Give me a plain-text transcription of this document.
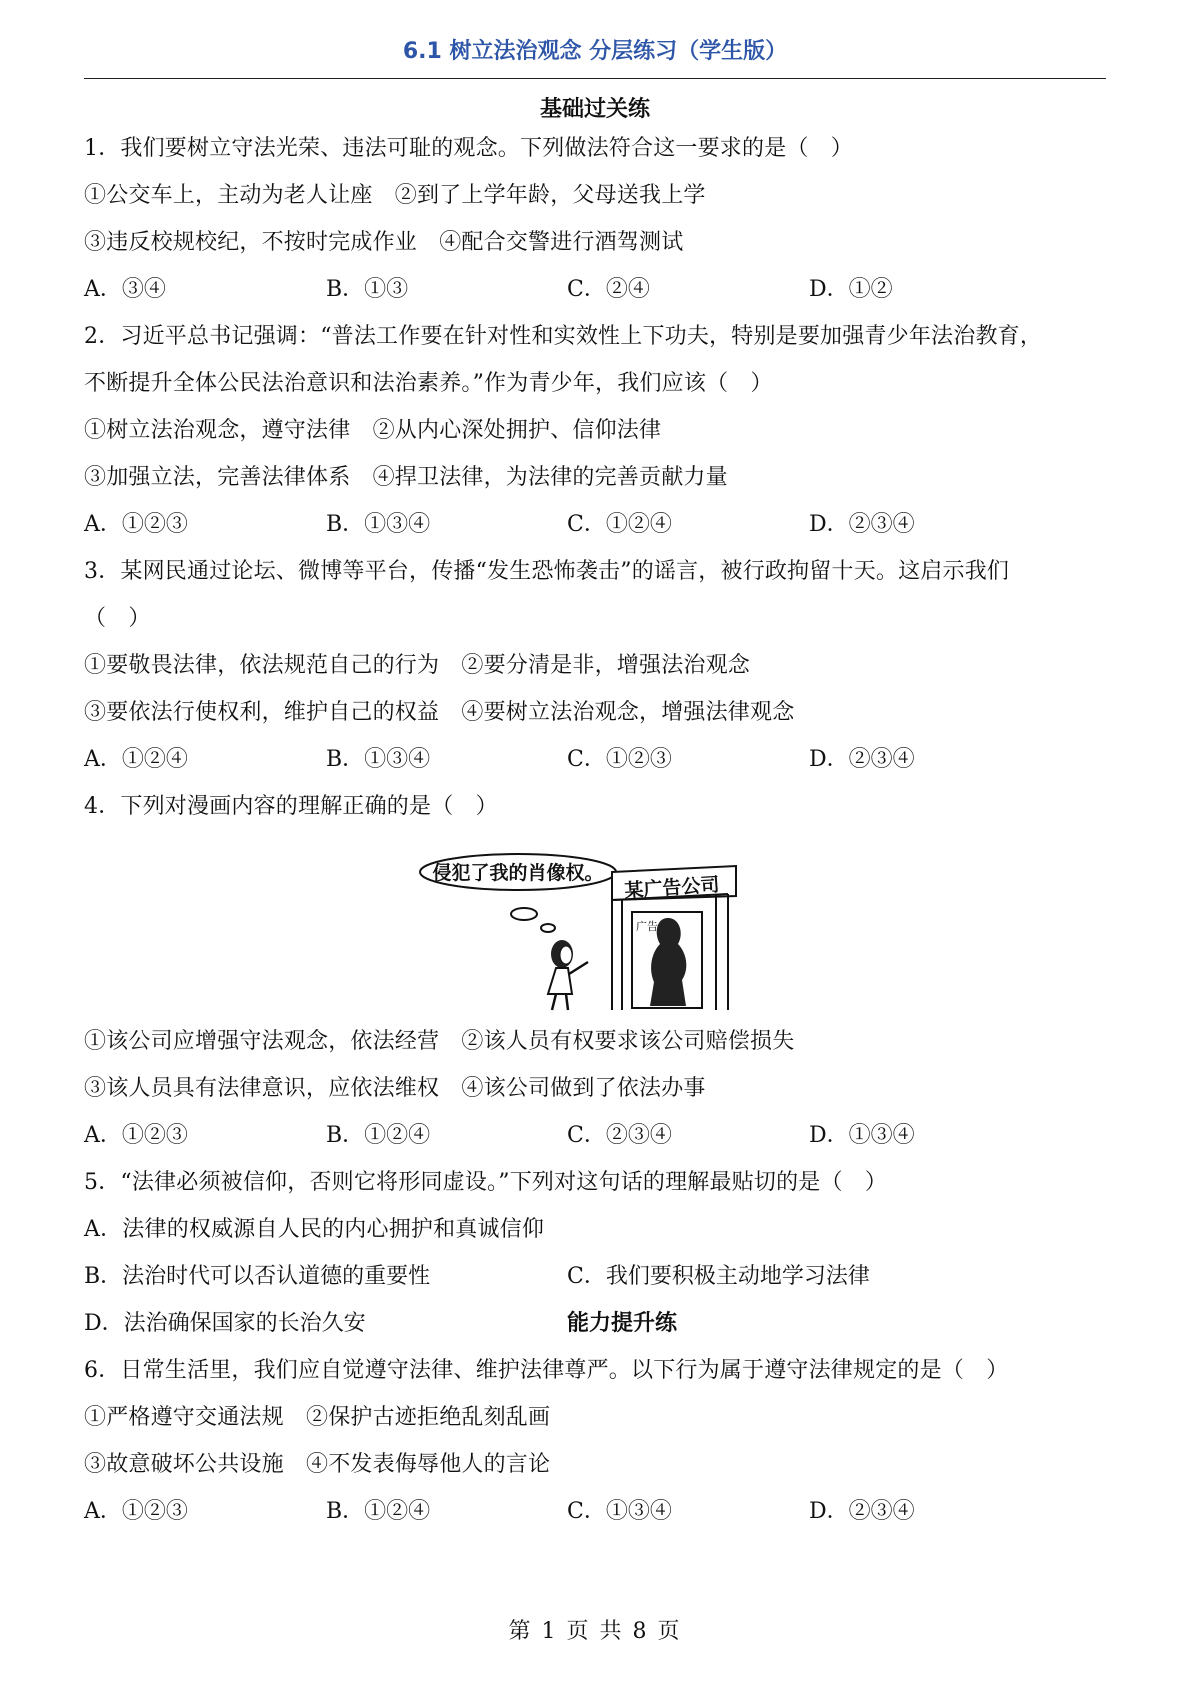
6.1 树立法治观念 分层练习（学生版）
基础过关练
1．我们要树立守法光荣、违法可耻的观念。下列做法符合这一要求的是（　）
①公交车上，主动为老人让座　②到了上学年龄，父母送我上学
③违反校规校纪，不按时完成作业　④配合交警进行酒驾测试
A．③④	B．①③	C．②④	D．①②
2．习近平总书记强调：“普法工作要在针对性和实效性上下功夫，特别是要加强青少年法治教育，
不断提升全体公民法治意识和法治素养。”作为青少年，我们应该（　）
①树立法治观念，遵守法律　②从内心深处拥护、信仰法律
③加强立法，完善法律体系　④捍卫法律，为法律的完善贡献力量
A．①②③	B．①③④	C．①②④	D．②③④
3．某网民通过论坛、微博等平台，传播“发生恐怖袭击”的谣言，被行政拘留十天。这启示我们
（　）
①要敬畏法律，依法规范自己的行为　②要分清是非，增强法治观念
③要依法行使权利，维护自己的权益　④要树立法治观念，增强法律观念
A．①②④	B．①③④	C．①②③	D．②③④
4．下列对漫画内容的理解正确的是（　）
侵犯了我的肖像权。
某广告公司
广告
①该公司应增强守法观念，依法经营　②该人员有权要求该公司赔偿损失
③该人员具有法律意识，应依法维权　④该公司做到了依法办事
A．①②③	B．①②④	C．②③④	D．①③④
5．“法律必须被信仰，否则它将形同虚设。”下列对这句话的理解最贴切的是（　）
A．法律的权威源自人民的内心拥护和真诚信仰
B．法治时代可以否认道德的重要性	C．我们要积极主动地学习法律
D．法治确保国家的长治久安	能力提升练
6．日常生活里，我们应自觉遵守法律、维护法律尊严。以下行为属于遵守法律规定的是（　）
①严格遵守交通法规　②保护古迹拒绝乱刻乱画
③故意破坏公共设施　④不发表侮辱他人的言论
A．①②③	B．①②④	C．①③④	D．②③④
第 1 页 共 8 页
